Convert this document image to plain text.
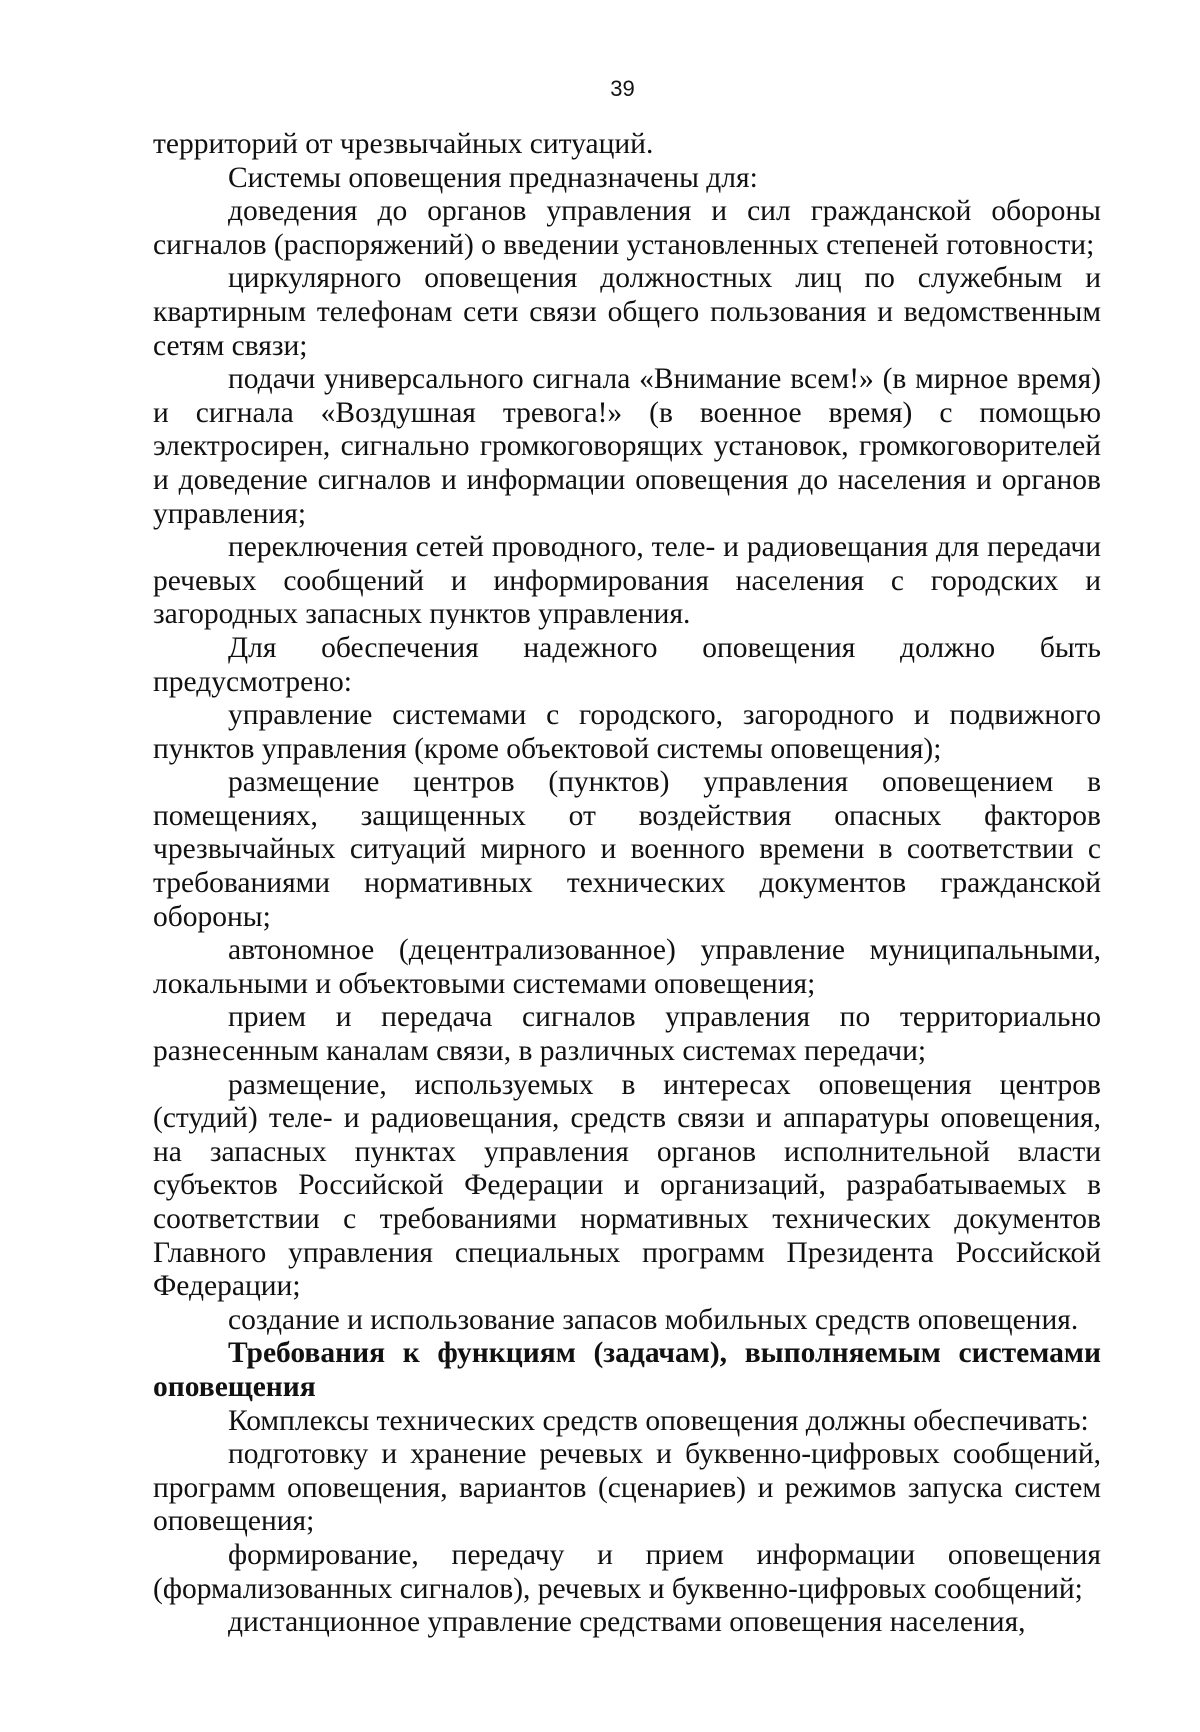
39

территорий от чрезвычайных ситуаций.

Системы оповещения предназначены для:

доведения до органов управления и сил гражданской обороны сигналов (распоряжений) о введении установленных степеней готовности;

циркулярного оповещения должностных лиц по служебным и квартирным телефонам сети связи общего пользования и ведомственным сетям связи;

подачи универсального сигнала «Внимание всем!» (в мирное время) и сигнала «Воздушная тревога!» (в военное время) с помощью электросирен, сигнально громкоговорящих установок, громкоговорителей и доведение сигналов и информации оповещения до населения и органов управления;

переключения сетей проводного, теле- и радиовещания для передачи речевых сообщений и информирования населения с городских и загородных запасных пунктов управления.

Для обеспечения надежного оповещения должно быть предусмотрено:

управление системами с городского, загородного и подвижного пунктов управления (кроме объектовой системы оповещения);

размещение центров (пунктов) управления оповещением в помещениях, защищенных от воздействия опасных факторов чрезвычайных ситуаций мирного и военного времени в соответствии с требованиями нормативных технических документов гражданской обороны;

автономное (децентрализованное) управление муниципальными, локальными и объектовыми системами оповещения;

прием и передача сигналов управления по территориально разнесенным каналам связи, в различных системах передачи;

размещение, используемых в интересах оповещения центров (студий) теле- и радиовещания, средств связи и аппаратуры оповещения, на запасных пунктах управления органов исполнительной власти субъектов Российской Федерации и организаций, разрабатываемых в соответствии с требованиями нормативных технических документов Главного управления специальных программ Президента Российской Федерации;

создание и использование запасов мобильных средств оповещения.

Требования к функциям (задачам), выполняемым системами оповещения

Комплексы технических средств оповещения должны обеспечивать:

подготовку и хранение речевых и буквенно-цифровых сообщений, программ оповещения, вариантов (сценариев) и режимов запуска систем оповещения;

формирование, передачу и прием информации оповещения (формализованных сигналов), речевых и буквенно-цифровых сообщений;

дистанционное управление средствами оповещения населения,
